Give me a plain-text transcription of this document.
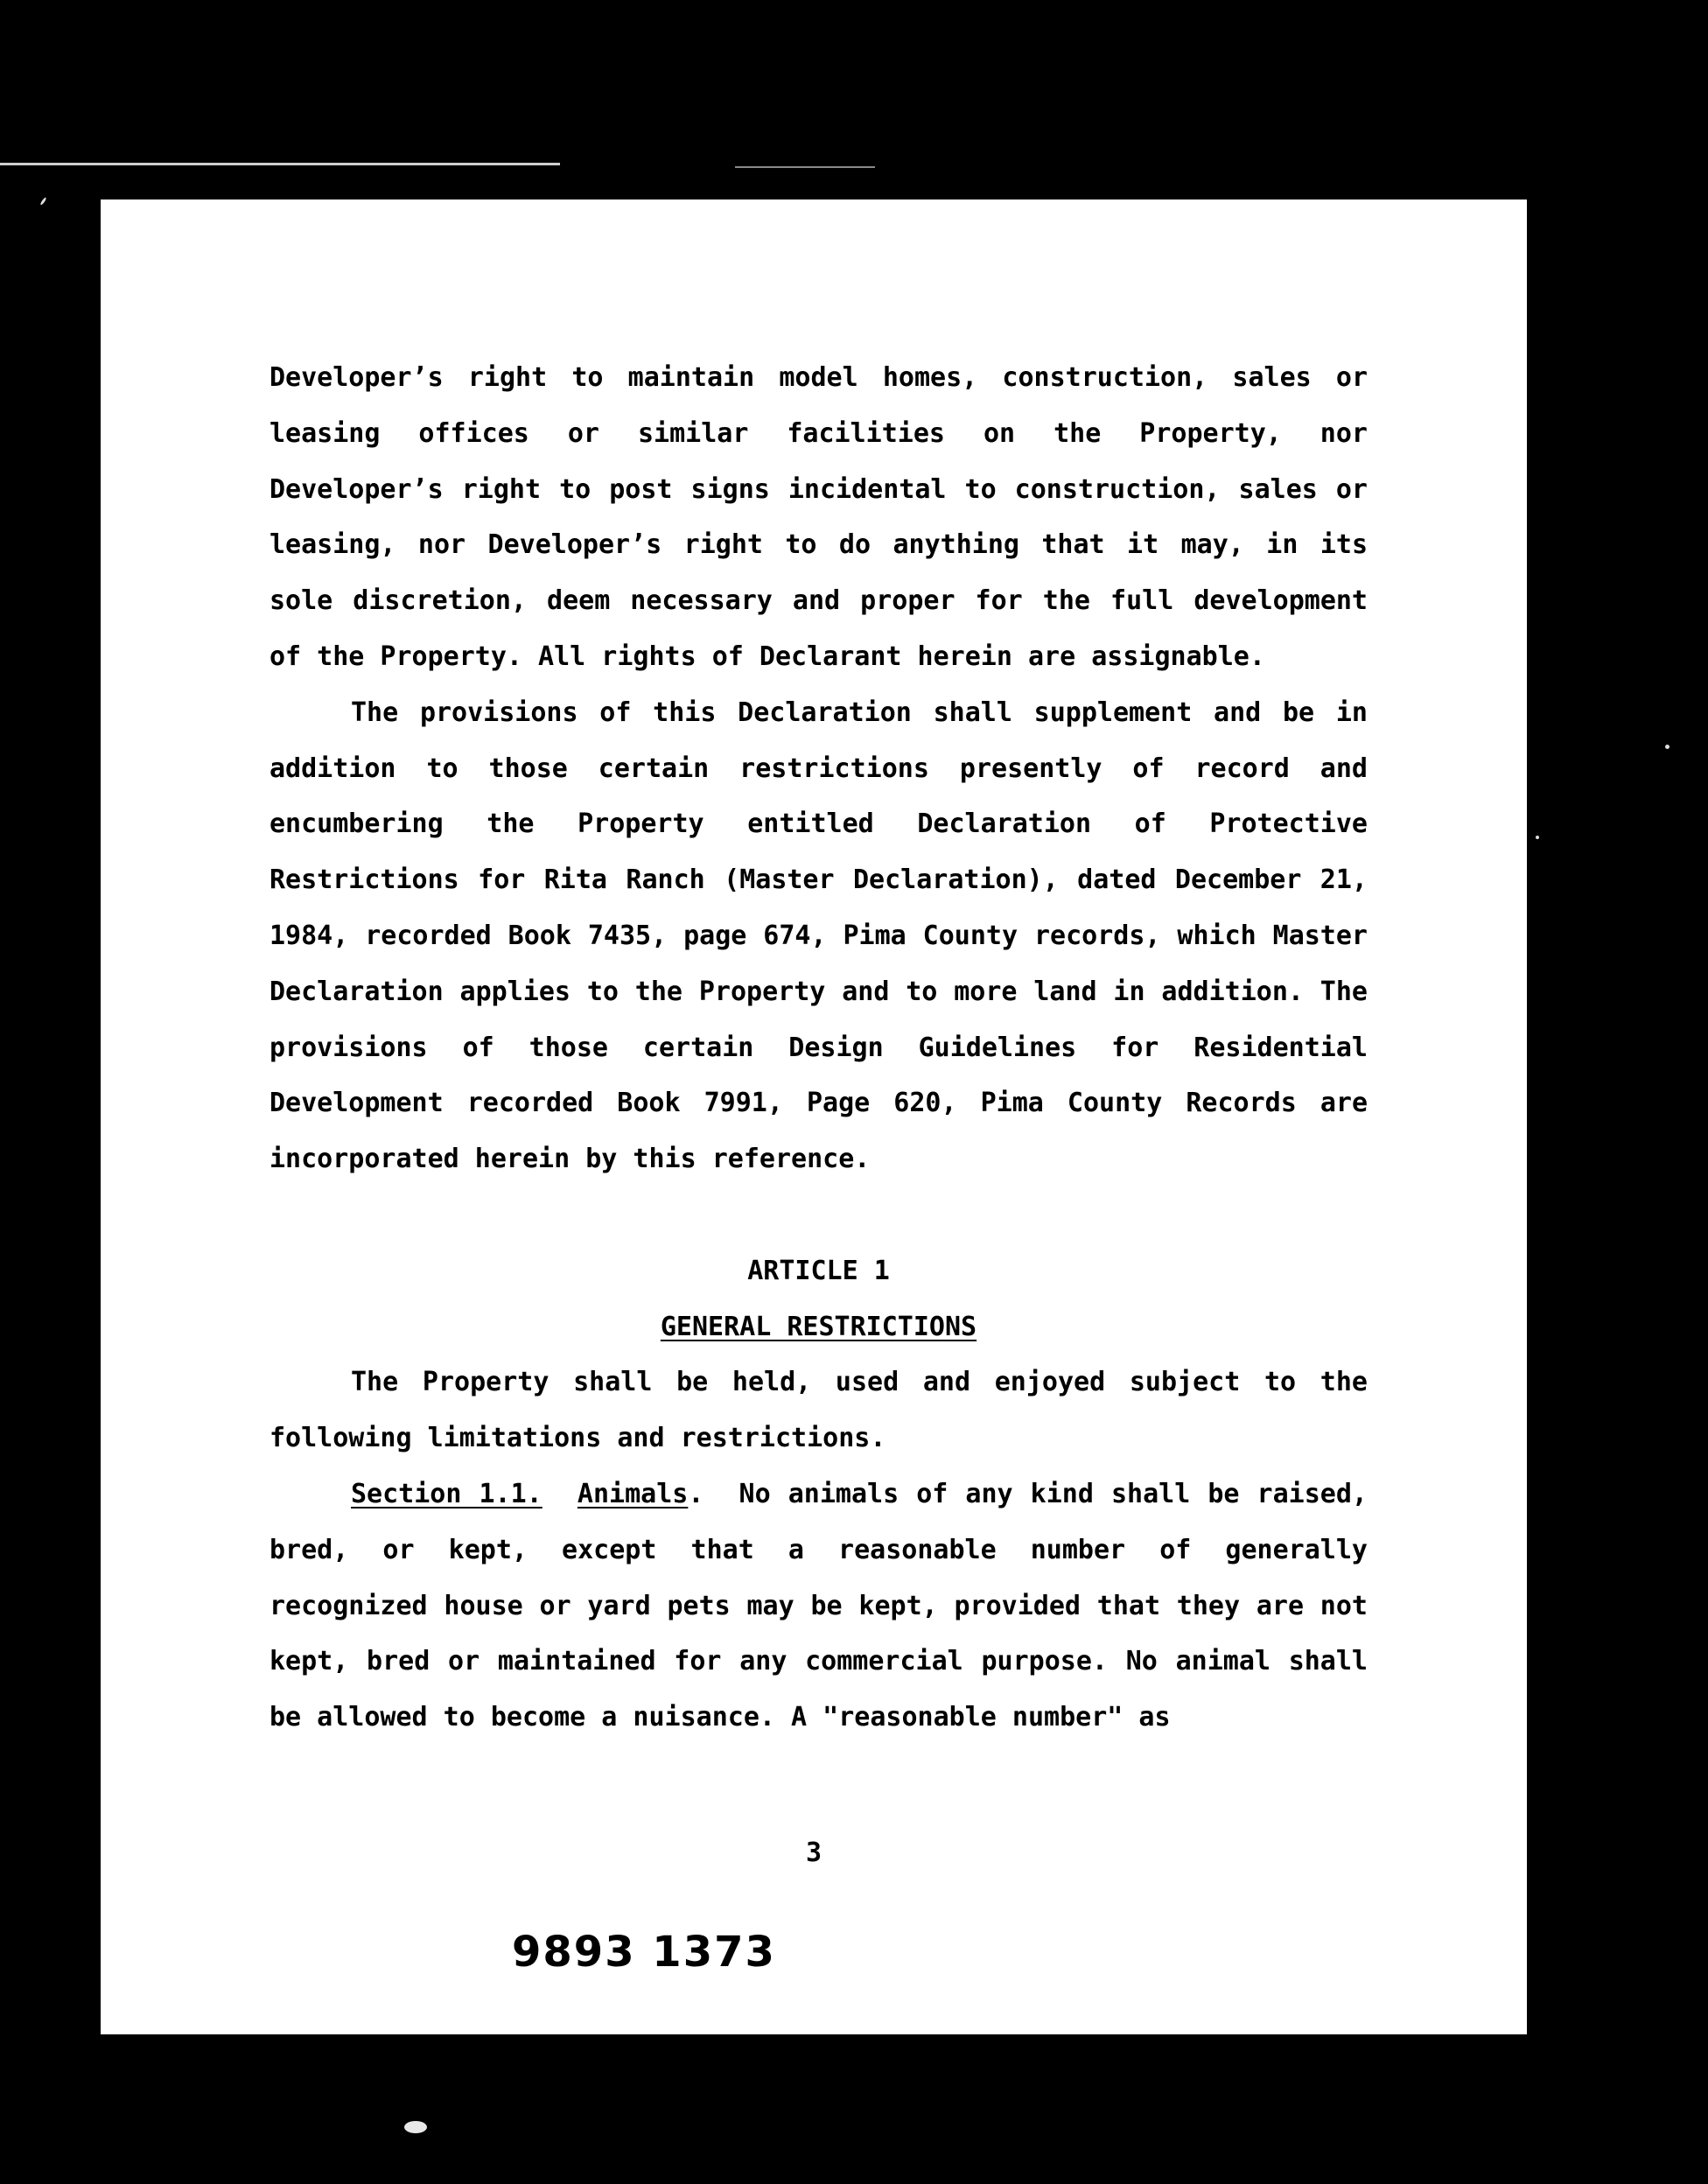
Developer’s right to maintain model homes, construction, sales or leasing offices or similar facilities on the Property, nor Developer’s right to post signs incidental to construction, sales or leasing, nor Developer’s right to do anything that it may, in its sole discretion, deem necessary and proper for the full development of the Property. All rights of Declarant herein are assignable.

The provisions of this Declaration shall supplement and be in addition to those certain restrictions presently of record and encumbering the Property entitled Declaration of Protective Restrictions for Rita Ranch (Master Declaration), dated December 21, 1984, recorded Book 7435, page 674, Pima County records, which Master Declaration applies to the Property and to more land in addition. The provisions of those certain Design Guidelines for Residential Development recorded Book 7991, Page 620, Pima County Records are incorporated herein by this reference.

ARTICLE 1

GENERAL RESTRICTIONS

The Property shall be held, used and enjoyed subject to the following limitations and restrictions.

Section 1.1. Animals. No animals of any kind shall be raised, bred, or kept, except that a reasonable number of generally recognized house or yard pets may be kept, provided that they are not kept, bred or maintained for any commercial purpose. No animal shall be allowed to become a nuisance. A "reasonable number" as

3
9893 1373
